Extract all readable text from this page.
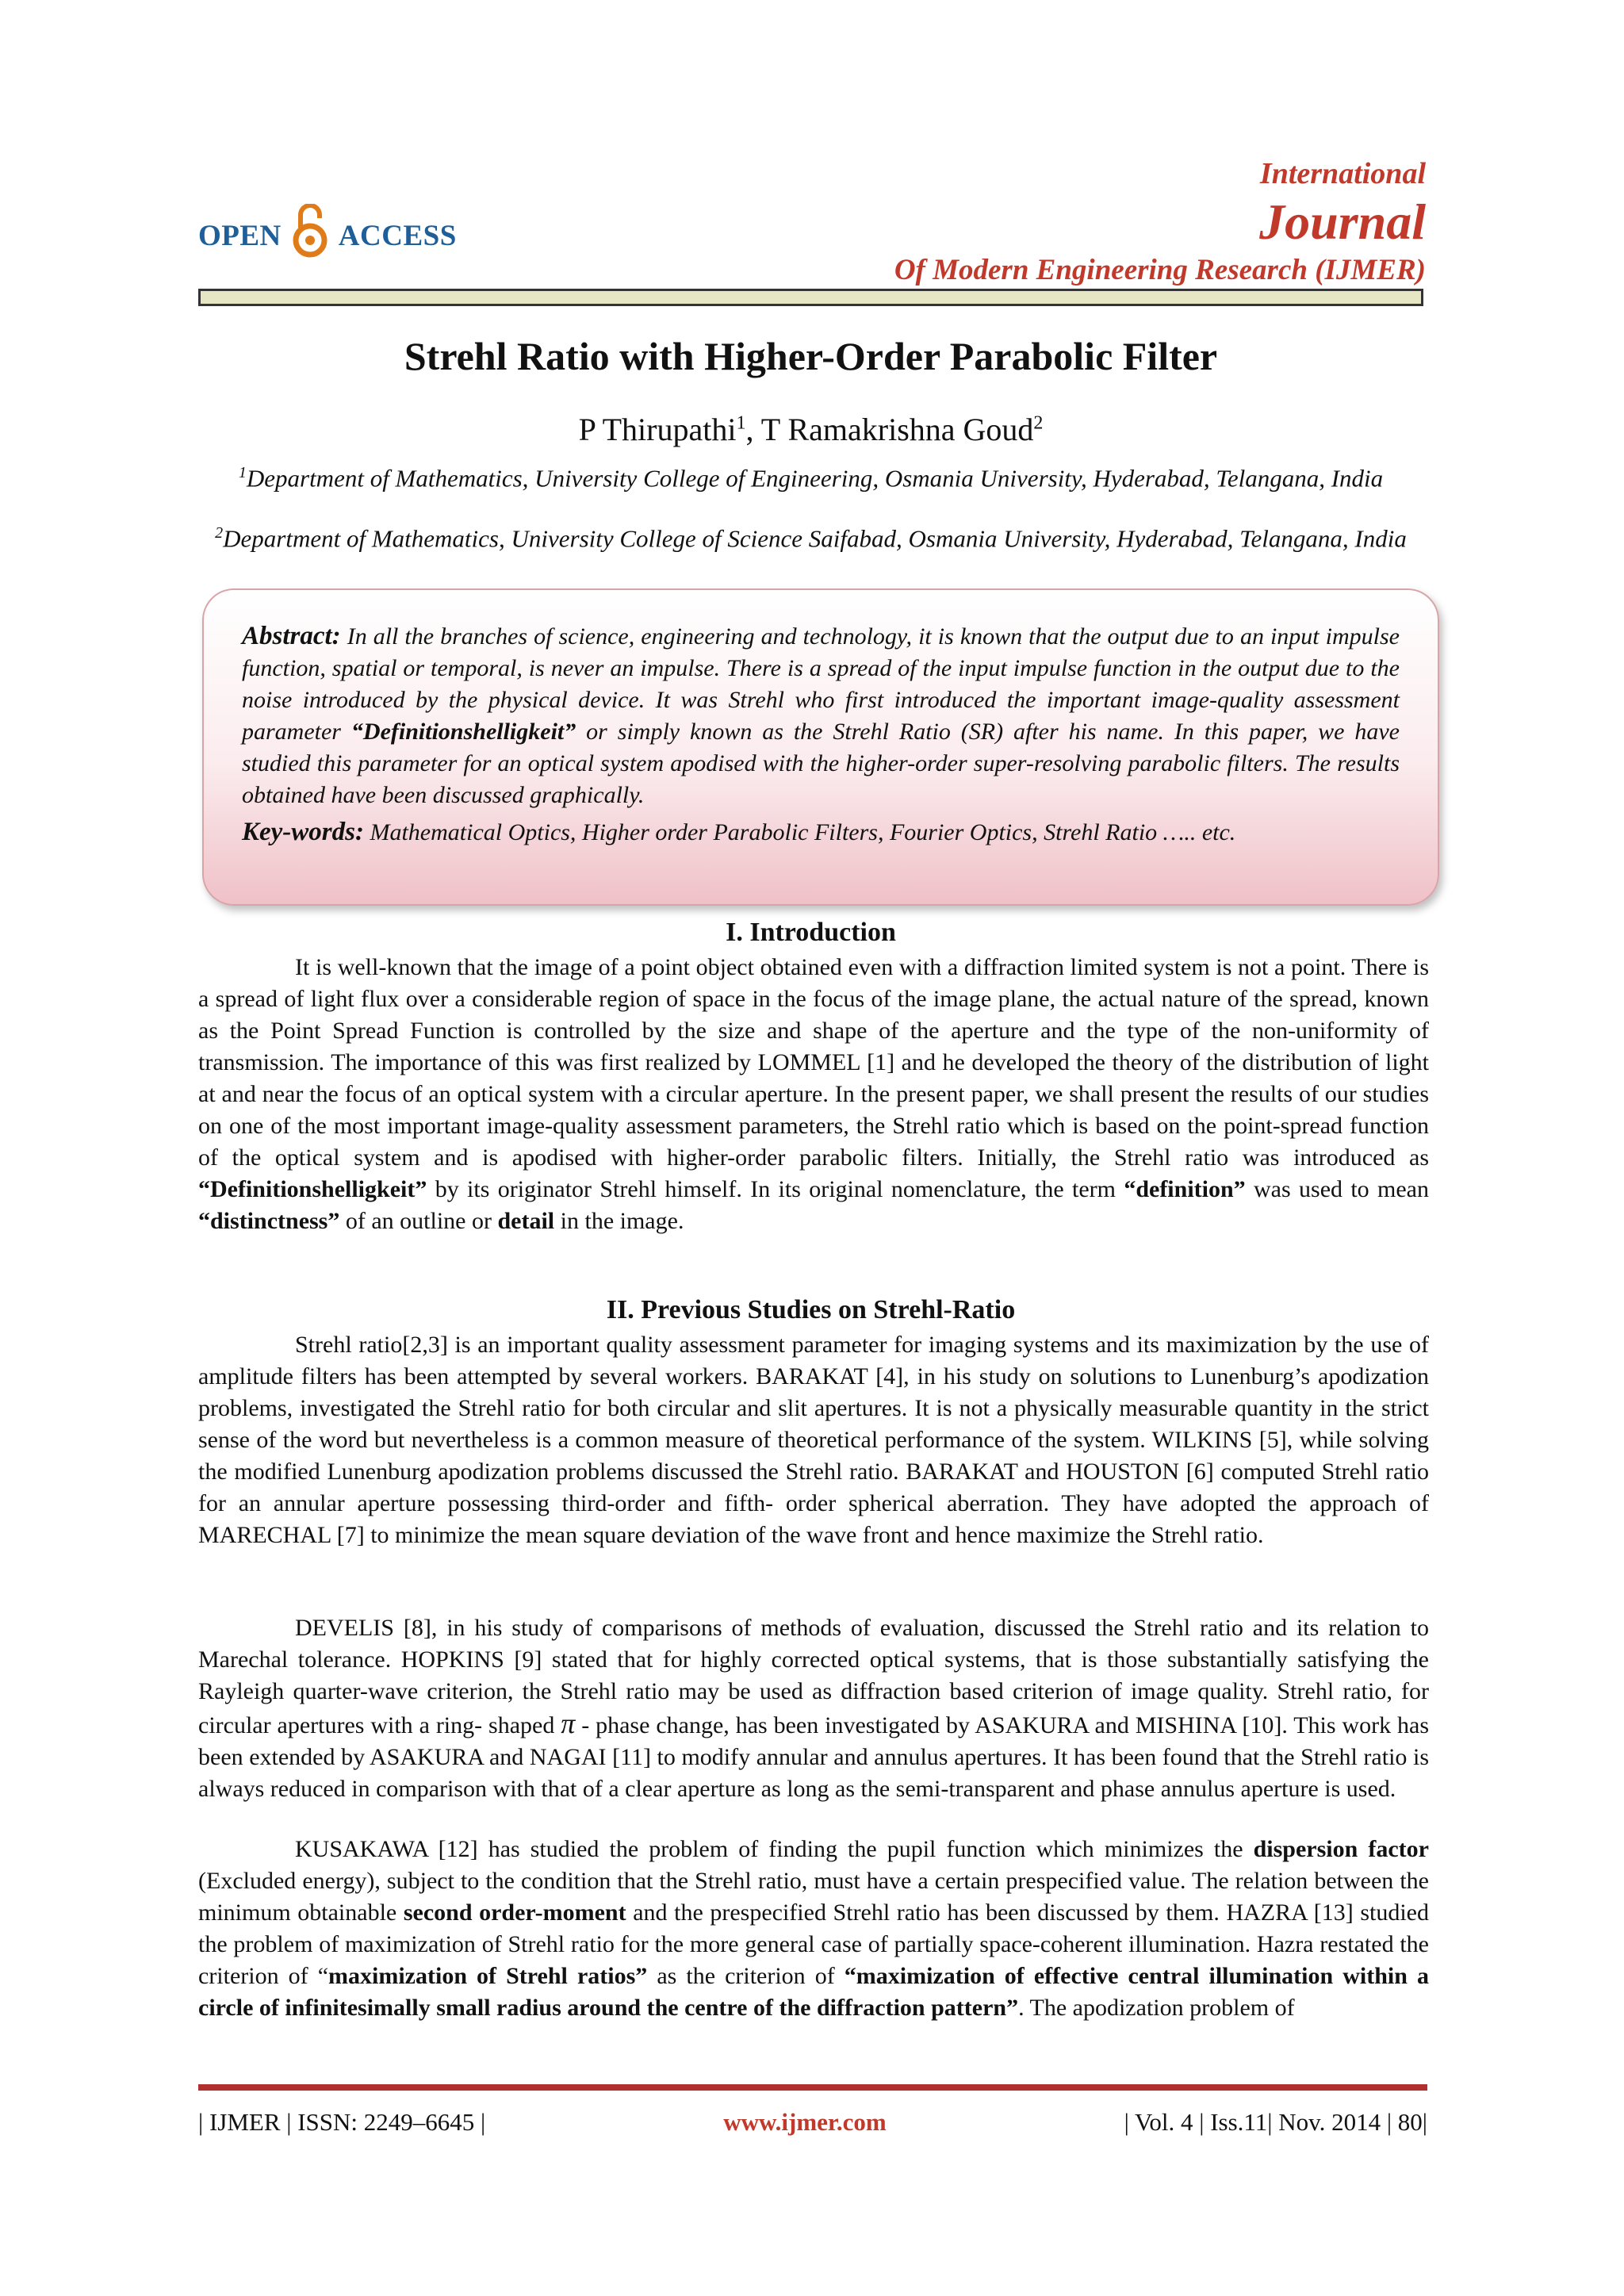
OPEN ACCESS
International
Journal
Of Modern Engineering Research (IJMER)
Strehl Ratio with Higher-Order Parabolic Filter
P Thirupathi$^1$, T Ramakrishna Goud$^2$
$^1$Department of Mathematics, University College of Engineering, Osmania University, Hyderabad, Telangana, India
$^2$Department of Mathematics, University College of Science Saifabad, Osmania University, Hyderabad, Telangana, India

Abstract: In all the branches of science, engineering and technology, it is known that the output due to an input impulse function, spatial or temporal, is never an impulse. There is a spread of the input impulse function in the output due to the noise introduced by the physical device. It was Strehl who first introduced the important image-quality assessment parameter “Definitionshelligkeit” or simply known as the Strehl Ratio (SR) after his name. In this paper, we have studied this parameter for an optical system apodised with the higher-order super-resolving parabolic filters. The results obtained have been discussed graphically.

Key-words: Mathematical Optics, Higher order Parabolic Filters, Fourier Optics, Strehl Ratio ….. etc.

I. Introduction

It is well-known that the image of a point object obtained even with a diffraction limited system is not a point. There is a spread of light flux over a considerable region of space in the focus of the image plane, the actual nature of the spread, known as the Point Spread Function is controlled by the size and shape of the aperture and the type of the non-uniformity of transmission. The importance of this was first realized by LOMMEL [1] and he developed the theory of the distribution of light at and near the focus of an optical system with a circular aperture. In the present paper, we shall present the results of our studies on one of the most important image-quality assessment parameters, the Strehl ratio which is based on the point-spread function of the optical system and is apodised with higher-order parabolic filters. Initially, the Strehl ratio was introduced as “Definitionshelligkeit” by its originator Strehl himself. In its original nomenclature, the term “definition” was used to mean “distinctness” of an outline or detail in the image.

II. Previous Studies on Strehl-Ratio

Strehl ratio[2,3] is an important quality assessment parameter for imaging systems and its maximization by the use of amplitude filters has been attempted by several workers. BARAKAT [4], in his study on solutions to Lunenburg’s apodization problems, investigated the Strehl ratio for both circular and slit apertures. It is not a physically measurable quantity in the strict sense of the word but nevertheless is a common measure of theoretical performance of the system. WILKINS [5], while solving the modified Lunenburg apodization problems discussed the Strehl ratio. BARAKAT and HOUSTON [6] computed Strehl ratio for an annular aperture possessing third-order and fifth- order spherical aberration. They have adopted the approach of MARECHAL [7] to minimize the mean square deviation of the wave front and hence maximize the Strehl ratio.

DEVELIS [8], in his study of comparisons of methods of evaluation, discussed the Strehl ratio and its relation to Marechal tolerance. HOPKINS [9] stated that for highly corrected optical systems, that is those substantially satisfying the Rayleigh quarter-wave criterion, the Strehl ratio may be used as diffraction based criterion of image quality. Strehl ratio, for circular apertures with a ring- shaped π - phase change, has been investigated by ASAKURA and MISHINA [10]. This work has been extended by ASAKURA and NAGAI [11] to modify annular and annulus apertures. It has been found that the Strehl ratio is always reduced in comparison with that of a clear aperture as long as the semi-transparent and phase annulus aperture is used.

KUSAKAWA [12] has studied the problem of finding the pupil function which minimizes the dispersion factor (Excluded energy), subject to the condition that the Strehl ratio, must have a certain prespecified value. The relation between the minimum obtainable second order-moment and the prespecified Strehl ratio has been discussed by them. HAZRA [13] studied the problem of maximization of Strehl ratio for the more general case of partially space-coherent illumination. Hazra restated the criterion of “maximization of Strehl ratios” as the criterion of “maximization of effective central illumination within a circle of infinitesimally small radius around the centre of the diffraction pattern”. The apodization problem of

| IJMER | ISSN: 2249–6645 |	www.ijmer.com	| Vol. 4 | Iss.11| Nov. 2014 | 80|
